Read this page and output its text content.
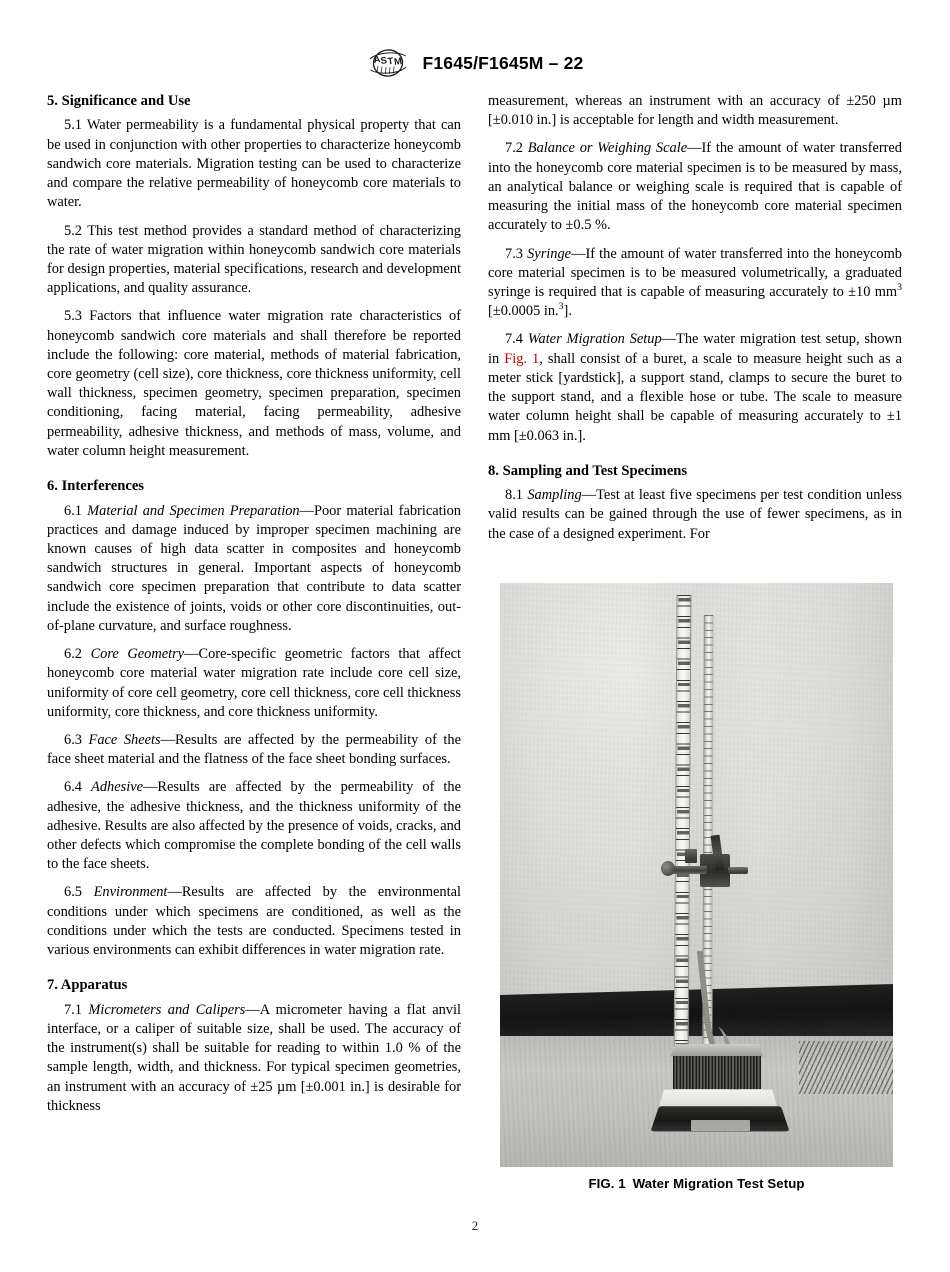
A
S T M F1645/F1645M – 22
5. Significance and Use

5.1 Water permeability is a fundamental physical property that can be used in conjunction with other properties to characterize honeycomb sandwich core materials. Migration testing can be used to characterize and compare the relative permeability of honeycomb core materials to water.

5.2 This test method provides a standard method of characterizing the rate of water migration within honeycomb sandwich core materials for design properties, material specifications, research and development applications, and quality assurance.

5.3 Factors that influence water migration rate characteristics of honeycomb sandwich core materials and shall therefore be reported include the following: core material, methods of material fabrication, core geometry (cell size), core thickness, core thickness uniformity, cell wall thickness, specimen geometry, specimen preparation, specimen conditioning, facing material, facing permeability, adhesive permeability, adhesive thickness, and methods of mass, volume, and water column height measurement.

6. Interferences

6.1 Material and Specimen Preparation—Poor material fabrication practices and damage induced by improper specimen machining are known causes of high data scatter in composites and honeycomb sandwich structures in general. Important aspects of honeycomb sandwich core specimen preparation that contribute to data scatter include the existence of joints, voids or other core discontinuities, out-of-plane curvature, and surface roughness.

6.2 Core Geometry—Core-specific geometric factors that affect honeycomb core material water migration rate include core cell size, uniformity of core cell geometry, core cell thickness, core cell thickness uniformity, core thickness, and core thickness uniformity.

6.3 Face Sheets—Results are affected by the permeability of the face sheet material and the flatness of the face sheet bonding surfaces.

6.4 Adhesive—Results are affected by the permeability of the adhesive, the adhesive thickness, and the thickness uniformity of the adhesive. Results are also affected by the presence of voids, cracks, and other defects which compromise the complete bonding of the cell walls to the face sheets.

6.5 Environment—Results are affected by the environmental conditions under which specimens are conditioned, as well as the conditions under which the tests are conducted. Specimens tested in various environments can exhibit differences in water migration rate.

7. Apparatus

7.1 Micrometers and Calipers—A micrometer having a flat anvil interface, or a caliper of suitable size, shall be used. The accuracy of the instrument(s) shall be suitable for reading to within 1.0 % of the sample length, width, and thickness. For typical specimen geometries, an instrument with an accuracy of ±25 µm [±0.001 in.] is desirable for thickness

measurement, whereas an instrument with an accuracy of ±250 µm [±0.010 in.] is acceptable for length and width measurement.

7.2 Balance or Weighing Scale—If the amount of water transferred into the honeycomb core material specimen is to be measured by mass, an analytical balance or weighing scale is required that is capable of measuring the initial mass of the honeycomb core material specimen accurately to ±0.5 %.

7.3 Syringe—If the amount of water transferred into the honeycomb core material specimen is to be measured volumetrically, a graduated syringe is required that is capable of measuring accurately to ±10 $mm^3$ [±0.0005 in.$^3$].

7.4 Water Migration Setup—The water migration test setup, shown in Fig. 1, shall consist of a buret, a scale to measure height such as a meter stick [yardstick], a support stand, clamps to secure the buret to the support stand, and a flexible hose or tube. The scale to measure water column height shall be capable of measuring accurately to ±1 mm [±0.063 in.].

8. Sampling and Test Specimens

8.1 Sampling—Test at least five specimens per test condition unless valid results can be gained through the use of fewer specimens, as in the case of a designed experiment. For

FIG. 1 Water Migration Test Setup
2
